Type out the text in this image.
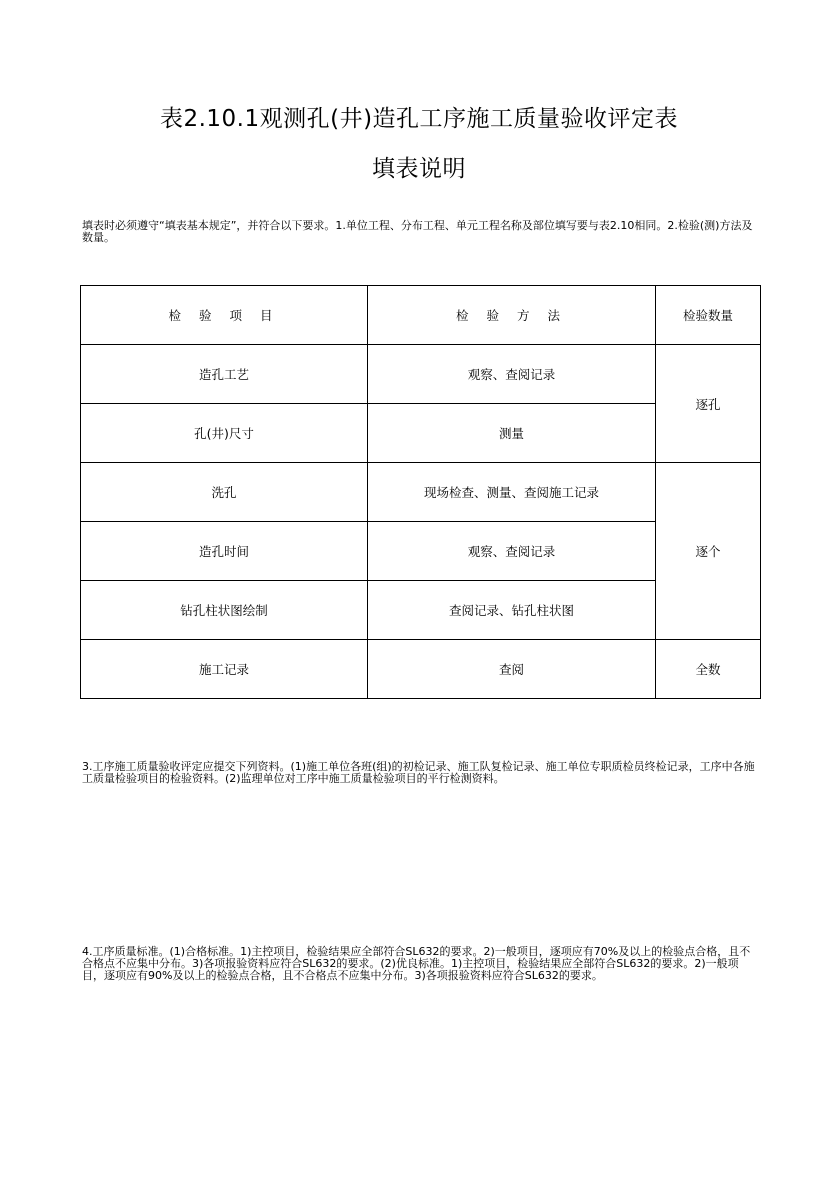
表2.10.1观测孔(井)造孔工序施工质量验收评定表
填表说明
填表时必须遵守“填表基本规定”，并符合以下要求。1.单位工程、分布工程、单元工程名称及部位填写要与表2.10相同。2.检验(测)方法及数量。
检 验 项 目	检 验 方 法	检验数量
造孔工艺	观察、查阅记录	逐孔
孔(井)尺寸	测量	
洗孔	现场检查、测量、查阅施工记录	逐个
造孔时间	观察、查阅记录	
钻孔柱状图绘制	查阅记录、钻孔柱状图	
施工记录	查阅	全数
3.工序施工质量验收评定应提交下列资料。(1)施工单位各班(组)的初检记录、施工队复检记录、施工单位专职质检员终检记录，工序中各施工质量检验项目的检验资料。(2)监理单位对工序中施工质量检验项目的平行检测资料。
4.工序质量标准。(1)合格标准。1)主控项目，检验结果应全部符合SL632的要求。2)一般项目，逐项应有70%及以上的检验点合格，且不合格点不应集中分布。3)各项报验资料应符合SL632的要求。(2)优良标准。1)主控项目，检验结果应全部符合SL632的要求。2)一般项目，逐项应有90%及以上的检验点合格，且不合格点不应集中分布。3)各项报验资料应符合SL632的要求。
